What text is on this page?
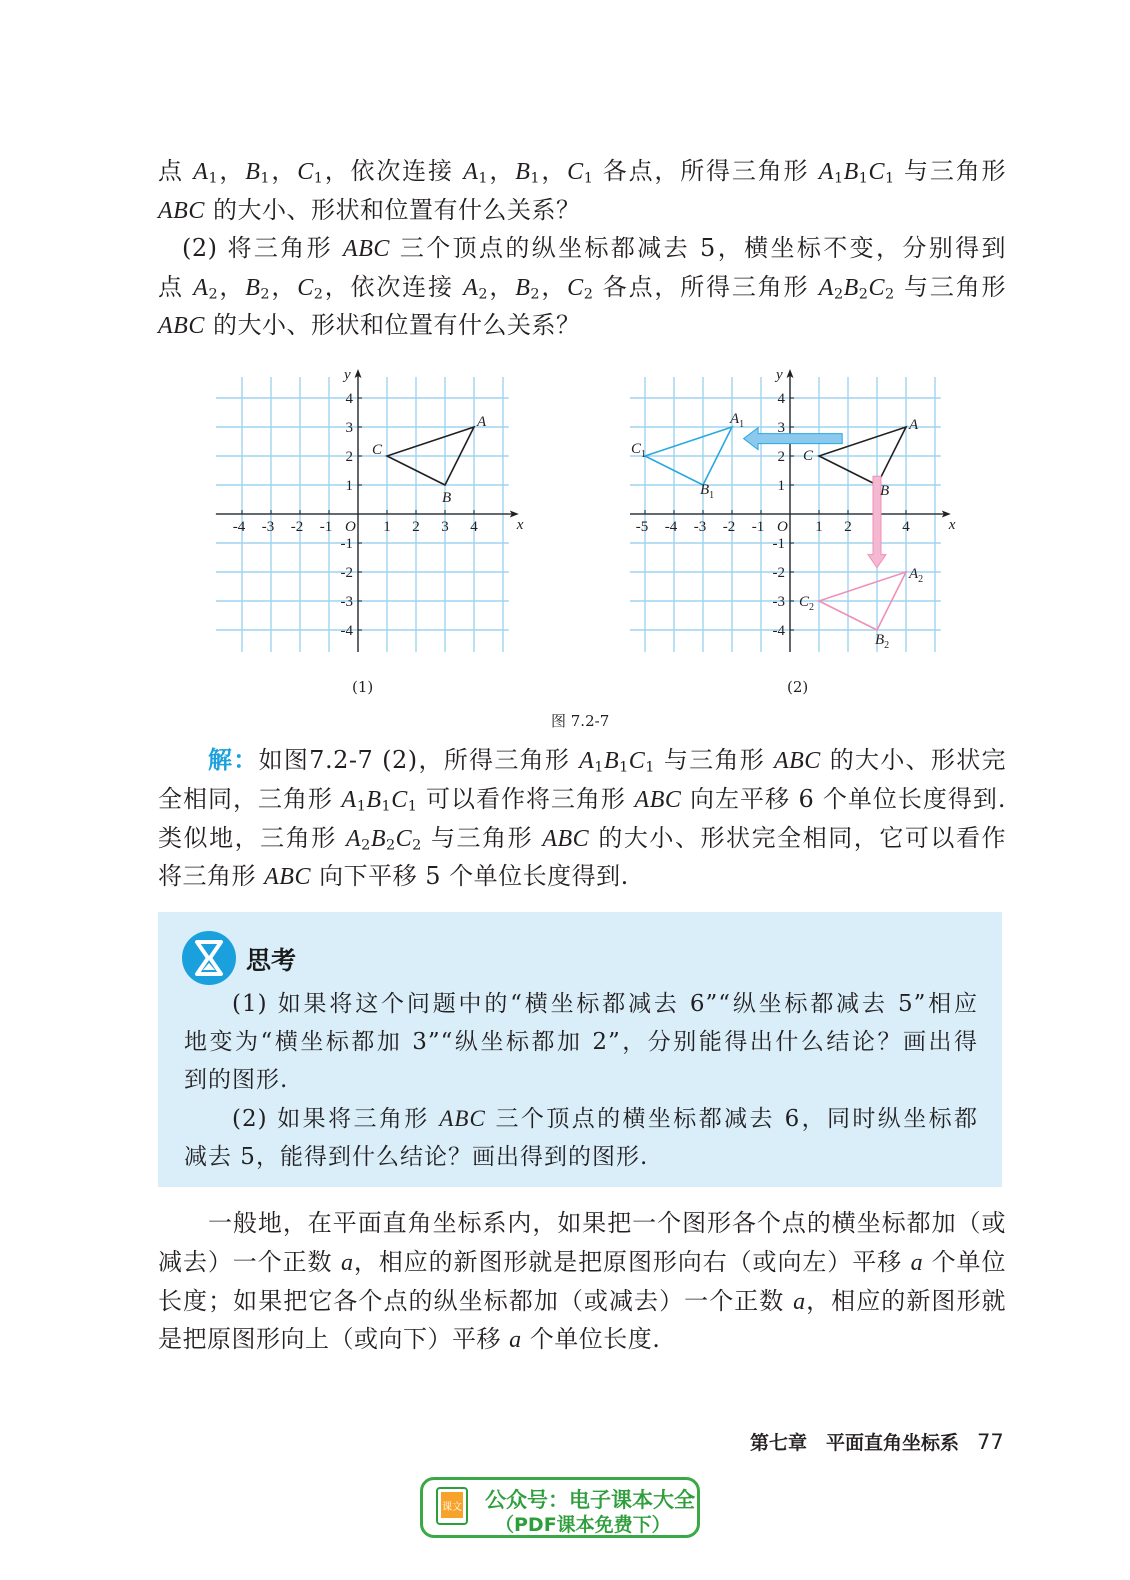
点 $A_1$，$B_1$，$C_1$，依次连接 $A_1$，$B_1$，$C_1$ 各点，所得三角形 $A_1B_1C_1$ 与三角形

ABC 的大小、形状和位置有什么关系？

(2) 将三角形 ABC 三个顶点的纵坐标都减去 5，横坐标不变，分别得到

点 $A_2$，$B_2$，$C_2$，依次连接 $A_2$，$B_2$，$C_2$ 各点，所得三角形 $A_2B_2C_2$ 与三角形

ABC 的大小、形状和位置有什么关系？

x
y
O
-4 -3 -2 -1	1 2 3 4
4
3
2
1
-1
-2
-3
-4
A
B
C
(1)
x
y
O
-5 -4 -3 -2 -1	1 2	4
4
3
2
1
-1
-2
-3
-4
A
B
C
$A_1$
$B_1$
$C_1$
$A_2$
$B_2$
$C_2$
(2)
图 7.2-7

解：如图7.2-7 (2)，所得三角形 $A_1B_1C_1$ 与三角形 ABC 的大小、形状完

全相同，三角形 $A_1B_1C_1$ 可以看作将三角形 ABC 向左平移 6 个单位长度得到.

类似地，三角形 $A_2B_2C_2$ 与三角形 ABC 的大小、形状完全相同，它可以看作

将三角形 ABC 向下平移 5 个单位长度得到.

思考

(1) 如果将这个问题中的“横坐标都减去 6”“纵坐标都减去 5”相应

地变为“横坐标都加 3”“纵坐标都加 2”，分别能得出什么结论？画出得

到的图形.

(2) 如果将三角形 ABC 三个顶点的横坐标都减去 6，同时纵坐标都

减去 5，能得到什么结论？画出得到的图形.

一般地，在平面直角坐标系内，如果把一个图形各个点的横坐标都加（或

减去）一个正数 a，相应的新图形就是把原图形向右（或向左）平移 a 个单位

长度；如果把它各个点的纵坐标都加（或减去）一个正数 a，相应的新图形就

是把原图形向上（或向下）平移 a 个单位长度.

第七章　平面直角坐标系 77
课文 公众号：电子课本大全
（PDF课本免费下）
